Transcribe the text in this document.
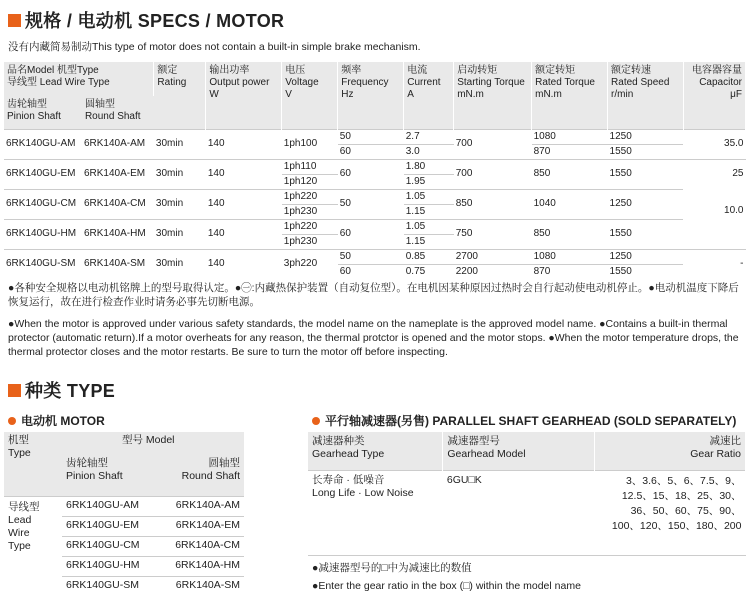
规格 / 电动机 SPECS / MOTOR
没有内藏简易制动This type of motor does not contain a built-in simple brake mechanism.
品名Model 机型Type
导线型 Lead Wire Type		额定
Rating	输出功率
Output power
W	电压
Voltage
V	频率
Frequency
Hz	电流
Current
A	启动转矩
Starting Torque
mN.m	额定转矩
Rated Torque
mN.m	额定转速
Rated Speed
r/min	电容器容量
Capacitor
μF
齿轮轴型
Pinion Shaft	圆轴型
Round Shaft									
6RK140GU-AM	6RK140A-AM	30min	140	1ph100	50	2.7	700	1080	1250	35.0
					60	3.0		870	1550	
6RK140GU-EM	6RK140A-EM	30min	140	1ph110	60	1.80	700	850	1550	25
				1ph120		1.95				
6RK140GU-CM	6RK140A-CM	30min	140	1ph220	50	1.05	850	1040	1250	
				1ph230		1.15				
6RK140GU-HM	6RK140A-HM	30min	140	1ph220	60	1.05	750	850	1550	10.0
				1ph230		1.15				
6RK140GU-SM	6RK140A-SM	30min	140	3ph220	50	0.85	2700	1080	1250	-
					60	0.75	2200	870	1550	
●各种安全规格以电动机铭牌上的型号取得认定。●㊀:内藏热保护装置（自动复位型）。在电机因某种原因过热时会自行起动使电动机停止。●电动机温度下降后恢复运行，故在进行检查作业时请务必事先切断电源。
●When the motor is approved under various safety standards, the model name on the nameplate is the approved model name. ●Contains a built-in thermal protector (automatic return).If a motor overheats for any reason, the thermal protctor is opened and the motor stops. ●When the motor temperature drops, the thermal protector closes and the motor restarts. Be sure to turn the motor off before inspecting.
种类 TYPE
电动机 MOTOR
机型
Type	型号 Model	
	齿轮轴型
Pinion Shaft	圆轴型
Round Shaft
导线型
Lead
Wire
Type	6RK140GU-AM	6RK140A-AM
	6RK140GU-EM	6RK140A-EM
	6RK140GU-CM	6RK140A-CM
	6RK140GU-HM	6RK140A-HM
	6RK140GU-SM	6RK140A-SM
平行轴减速器(另售) PARALLEL SHAFT GEARHEAD (SOLD SEPARATELY)
减速器种类
Gearhead Type	减速器型号
Gearhead Model	减速比
Gear Ratio
长寿命 · 低噪音
Long Life · Low Noise	6GU□K	3、3.6、5、6、7.5、9、
12.5、15、18、25、30、
36、50、60、75、90、
100、120、150、180、200
●减速器型号的□中为减速比的数值
●Enter the gear ratio in the box (□) within the model name
